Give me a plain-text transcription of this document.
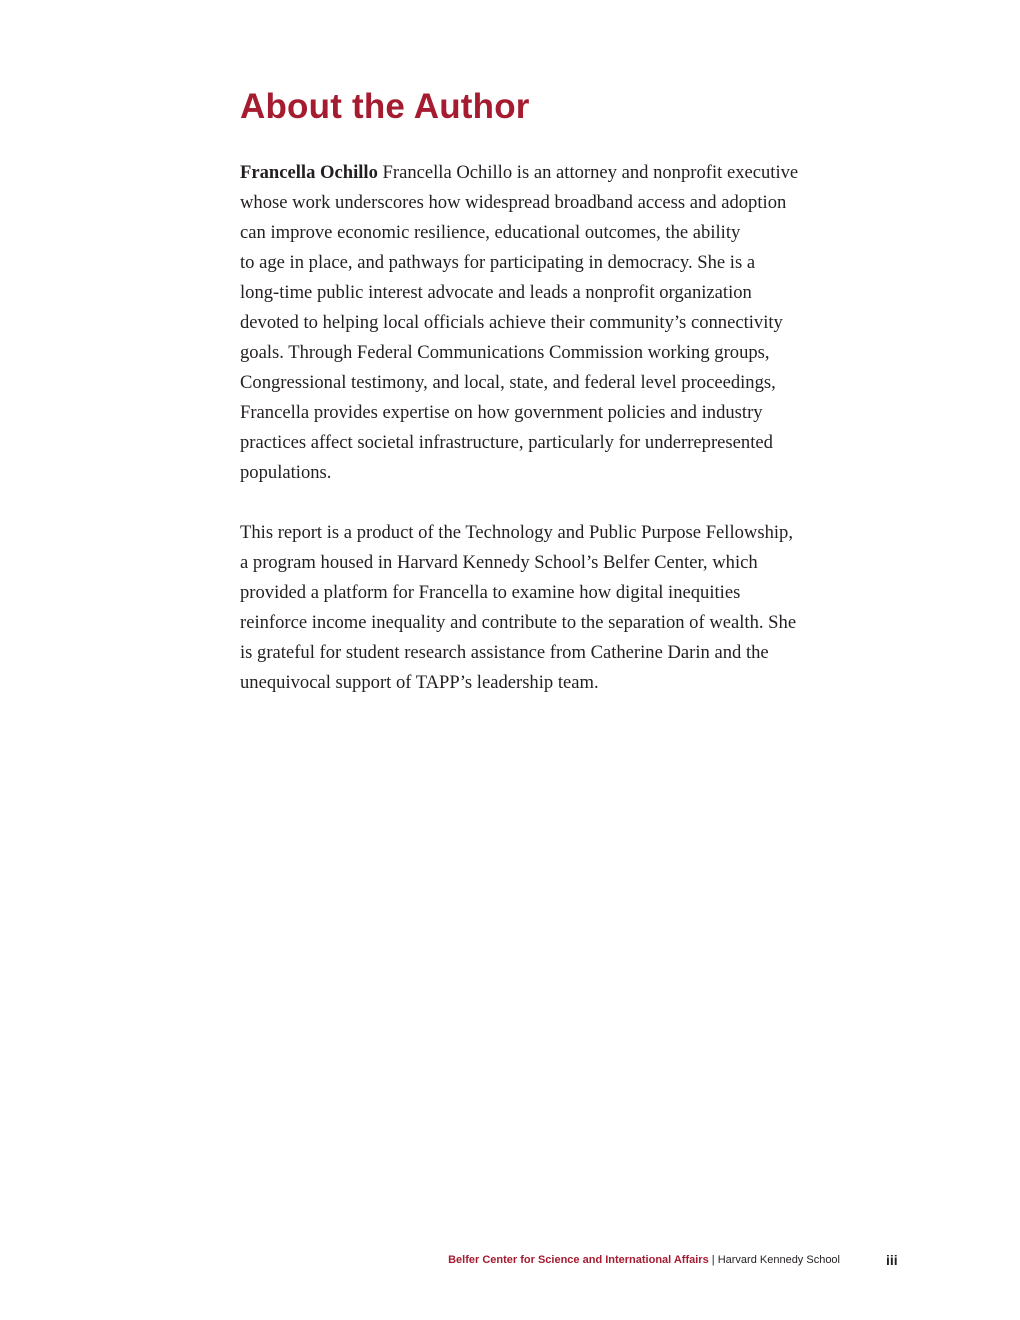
About the Author

Francella Ochillo Francella Ochillo is an attorney and nonprofit executive
whose work underscores how widespread broadband access and adoption
can improve economic resilience, educational outcomes, the ability
to age in place, and pathways for participating in democracy. She is a
long-time public interest advocate and leads a nonprofit organization
devoted to helping local officials achieve their community’s connectivity
goals. Through Federal Communications Commission working groups,
Congressional testimony, and local, state, and federal level proceedings,
Francella provides expertise on how government policies and industry
practices affect societal infrastructure, particularly for underrepresented
populations.

This report is a product of the Technology and Public Purpose Fellowship,
a program housed in Harvard Kennedy School’s Belfer Center, which
provided a platform for Francella to examine how digital inequities
reinforce income inequality and contribute to the separation of wealth. She
is grateful for student research assistance from Catherine Darin and the
unequivocal support of TAPP’s leadership team.

Belfer Center for Science and International Affairs | Harvard Kennedy School	iii
